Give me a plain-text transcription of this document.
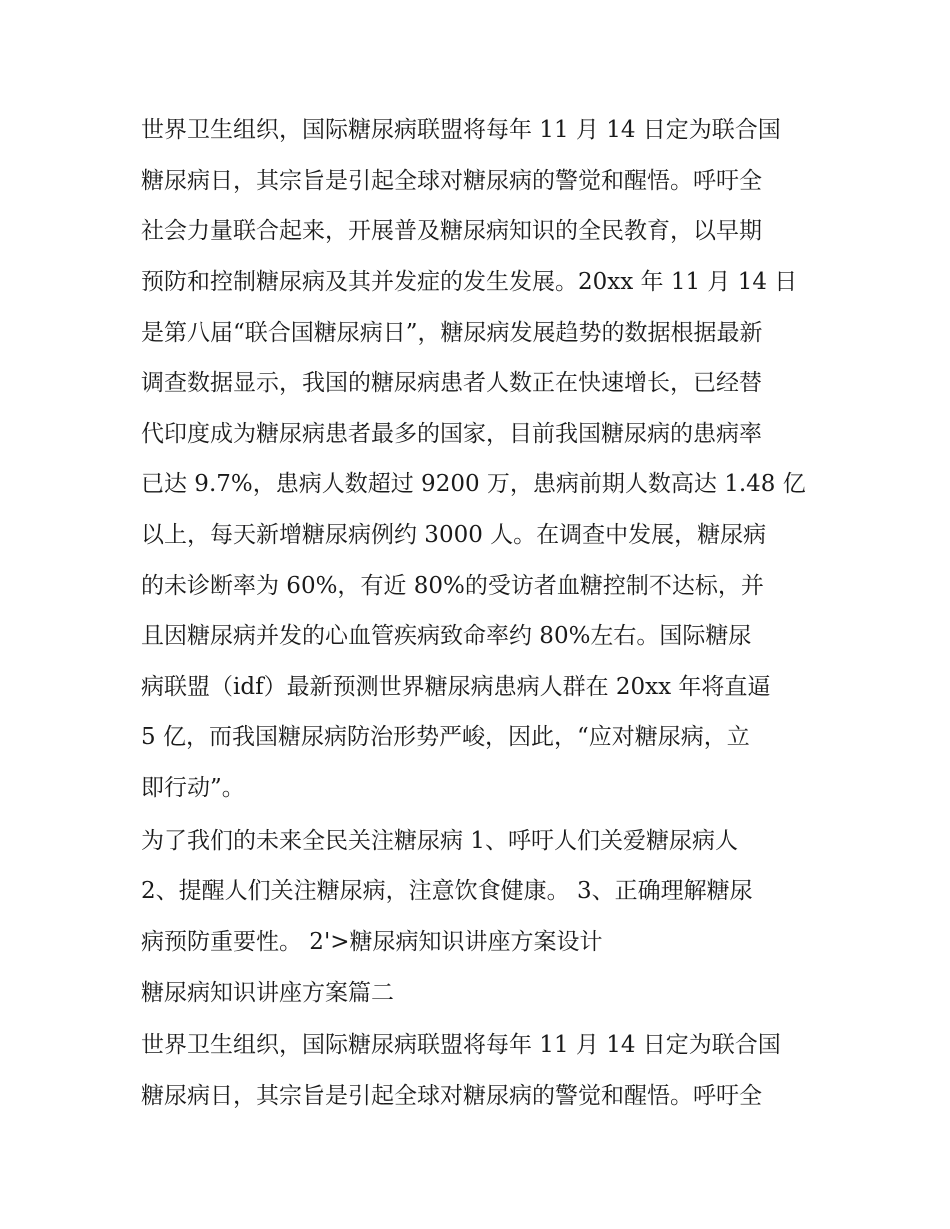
世界卫生组织，国际糖尿病联盟将每年 11 月 14 日定为联合国
糖尿病日，其宗旨是引起全球对糖尿病的警觉和醒悟。呼吁全
社会力量联合起来，开展普及糖尿病知识的全民教育，以早期
预防和控制糖尿病及其并发症的发生发展。20xx 年 11 月 14 日
是第八届“联合国糖尿病日”，糖尿病发展趋势的数据根据最新
调查数据显示，我国的糖尿病患者人数正在快速增长，已经替
代印度成为糖尿病患者最多的国家，目前我国糖尿病的患病率
已达 9.7%，患病人数超过 9200 万，患病前期人数高达 1.48 亿
以上，每天新增糖尿病例约 3000 人。在调查中发展，糖尿病
的未诊断率为 60%，有近 80%的受访者血糖控制不达标，并
且因糖尿病并发的心血管疾病致命率约 80%左右。国际糖尿
病联盟（idf）最新预测世界糖尿病患病人群在 20xx 年将直逼
5 亿，而我国糖尿病防治形势严峻，因此，“应对糖尿病，立
即行动”。
为了我们的未来全民关注糖尿病 1、呼吁人们关爱糖尿病人
2、提醒人们关注糖尿病，注意饮食健康。 3、正确理解糖尿
病预防重要性。 2'>糖尿病知识讲座方案设计
糖尿病知识讲座方案篇二
世界卫生组织，国际糖尿病联盟将每年 11 月 14 日定为联合国
糖尿病日，其宗旨是引起全球对糖尿病的警觉和醒悟。呼吁全
